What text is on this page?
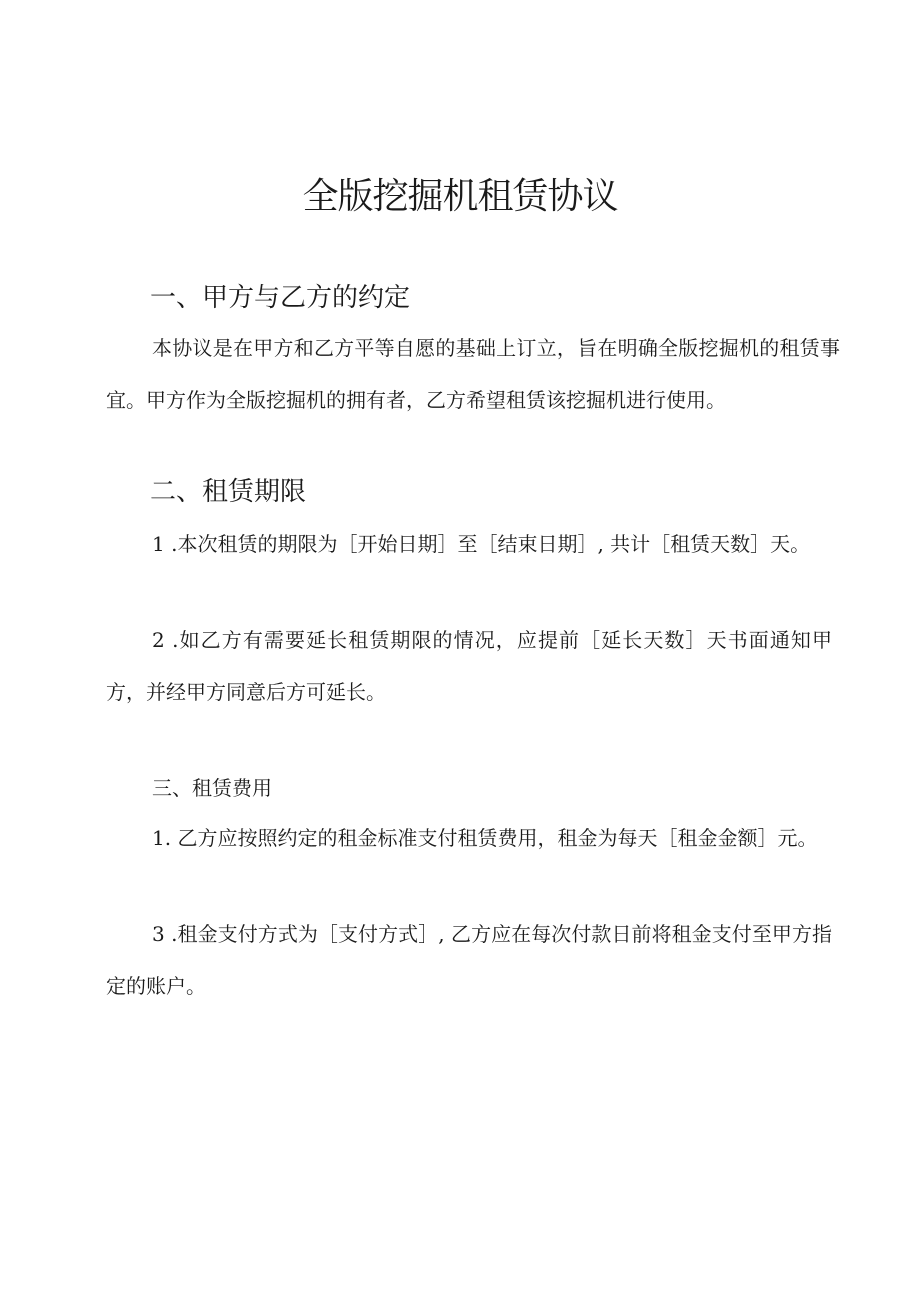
全版挖掘机租赁协议
一、甲方与乙方的约定

本协议是在甲方和乙方平等自愿的基础上订立，旨在明确全版挖掘机的租赁事宜。甲方作为全版挖掘机的拥有者，乙方希望租赁该挖掘机进行使用。

二、租赁期限

1 .本次租赁的期限为［开始日期］至［结束日期］, 共计［租赁天数］天。

2 .如乙方有需要延长租赁期限的情况，应提前［延长天数］天书面通知甲方，并经甲方同意后方可延长。

三、租赁费用

1. 乙方应按照约定的租金标准支付租赁费用，租金为每天［租金金额］元。

3 .租金支付方式为［支付方式］, 乙方应在每次付款日前将租金支付至甲方指定的账户。
